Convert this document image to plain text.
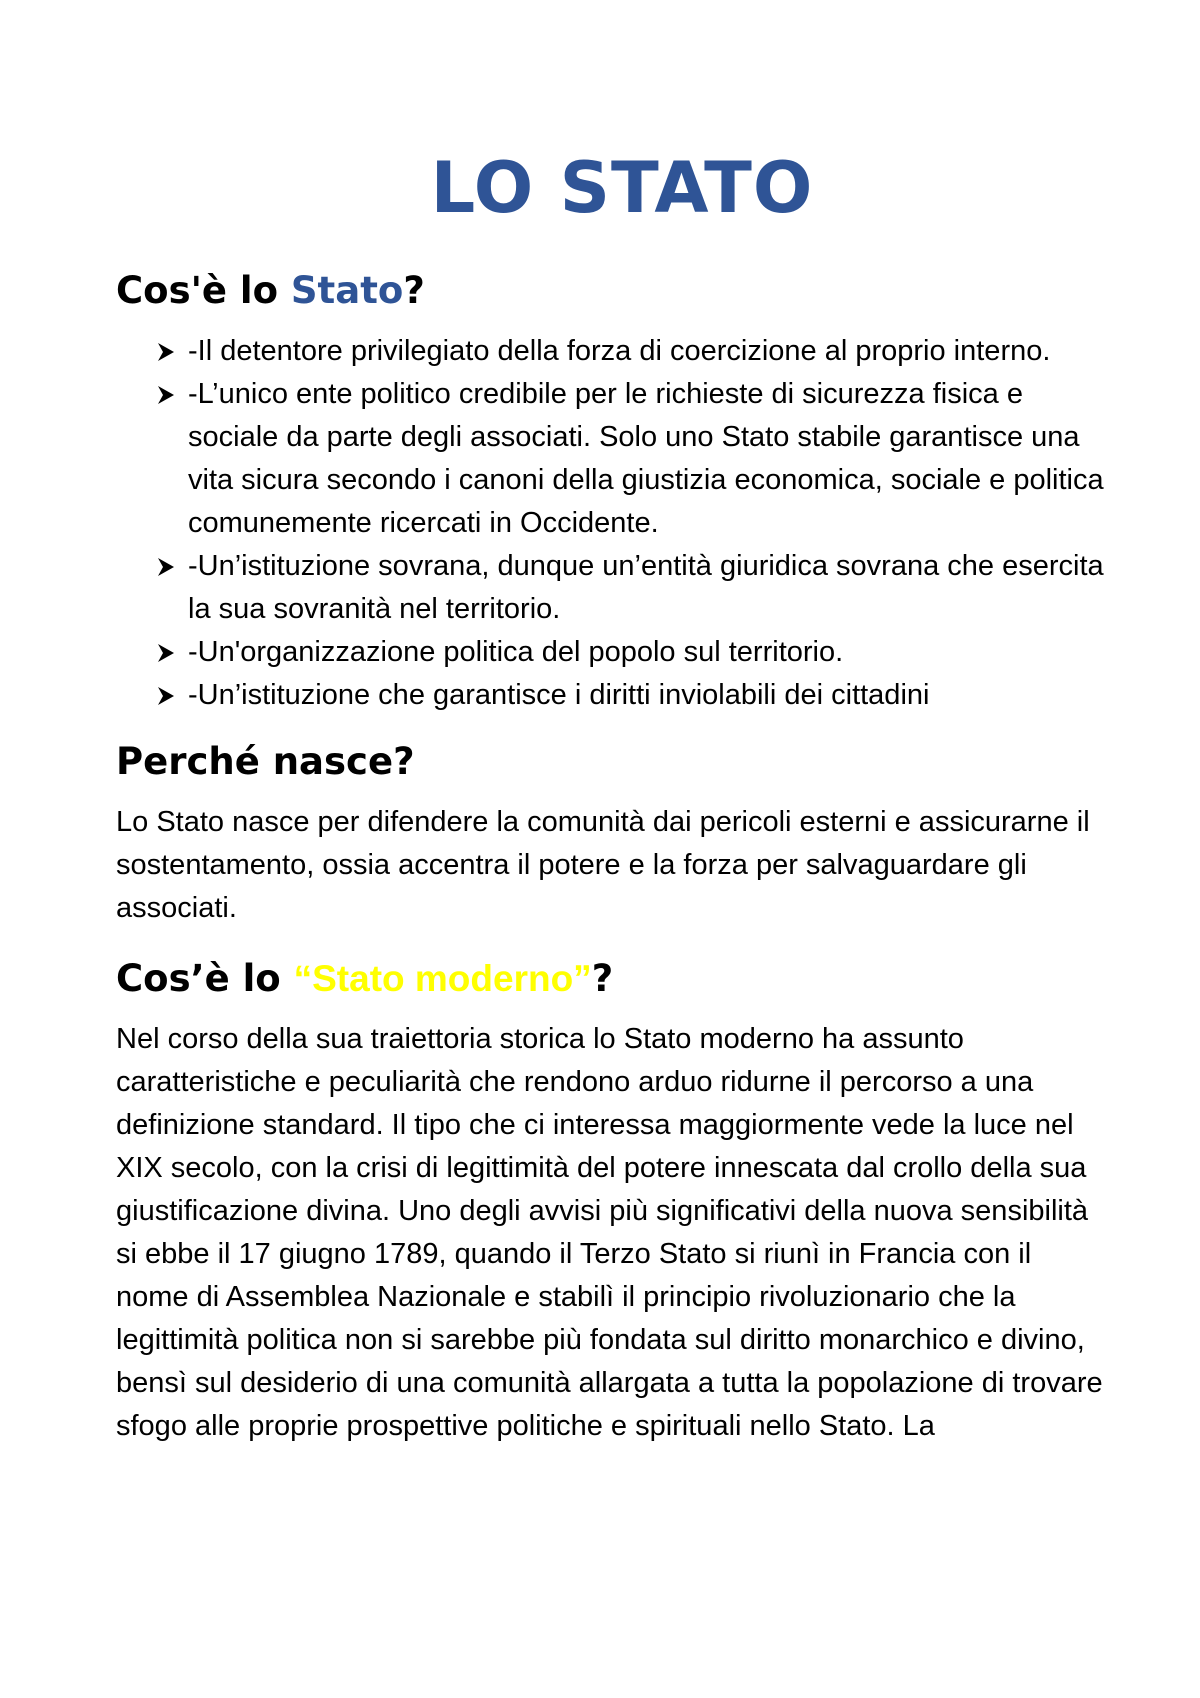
LO STATO
Cos'è lo Stato?
-Il detentore privilegiato della forza di coercizione al proprio interno.
-L’unico ente politico credibile per le richieste di sicurezza fisica e sociale da parte degli associati. Solo uno Stato stabile garantisce una vita sicura secondo i canoni della giustizia economica, sociale e politica comunemente ricercati in Occidente.
-Un’istituzione sovrana, dunque un’entità giuridica sovrana che esercita la sua sovranità nel territorio.
-Un'organizzazione politica del popolo sul territorio.
-Un’istituzione che garantisce i diritti inviolabili dei cittadini
Perché nasce?

Lo Stato nasce per difendere la comunità dai pericoli esterni e assicurarne il sostentamento, ossia accentra il potere e la forza per salvaguardare gli associati.

Cos’è lo “Stato moderno”?

Nel corso della sua traiettoria storica lo Stato moderno ha assunto caratteristiche e peculiarità che rendono arduo ridurne il percorso a una definizione standard. Il tipo che ci interessa maggiormente vede la luce nel XIX secolo, con la crisi di legittimità del potere innescata dal crollo della sua giustificazione divina. Uno degli avvisi più significativi della nuova sensibilità si ebbe il 17 giugno 1789, quando il Terzo Stato si riunì in Francia con il nome di Assemblea Nazionale e stabilì il principio rivoluzionario che la legittimità politica non si sarebbe più fondata sul diritto monarchico e divino, bensì sul desiderio di una comunità allargata a tutta la popolazione di trovare sfogo alle proprie prospettive politiche e spirituali nello Stato. La
